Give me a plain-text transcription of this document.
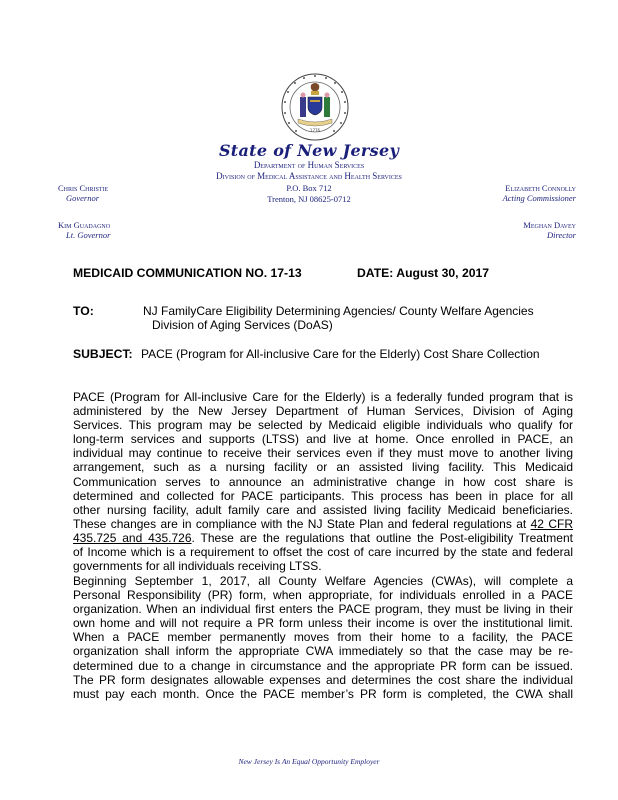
1776
State of New Jersey
Department of Human Services
Division of Medical Assistance and Health Services
P.O. Box 712
Trenton, NJ 08625-0712
Chris Christie
Governor
Elizabeth Connolly
Acting Commissioner
Kim Guadagno
Lt. Governor
Meghan Davey
Director
MEDICAID COMMUNICATION NO. 17-13	DATE: August 30, 2017
TO:	NJ FamilyCare Eligibility Determining Agencies/ County Welfare Agencies
Division of Aging Services (DoAS)
SUBJECT: PACE (Program for All-inclusive Care for the Elderly) Cost Share Collection
PACE (Program for All-inclusive Care for the Elderly) is a federally funded program that is
administered by the New Jersey Department of Human Services, Division of Aging
Services. This program may be selected by Medicaid eligible individuals who qualify for
long-term services and supports (LTSS) and live at home. Once enrolled in PACE, an
individual may continue to receive their services even if they must move to another living
arrangement, such as a nursing facility or an assisted living facility. This Medicaid
Communication serves to announce an administrative change in how cost share is
determined and collected for PACE participants. This process has been in place for all
other nursing facility, adult family care and assisted living facility Medicaid beneficiaries.
These changes are in compliance with the NJ State Plan and federal regulations at 42 CFR
435.725 and 435.726. These are the regulations that outline the Post-eligibility Treatment
of Income which is a requirement to offset the cost of care incurred by the state and federal
governments for all individuals receiving LTSS.
Beginning September 1, 2017, all County Welfare Agencies (CWAs), will complete a
Personal Responsibility (PR) form, when appropriate, for individuals enrolled in a PACE
organization. When an individual first enters the PACE program, they must be living in their
own home and will not require a PR form unless their income is over the institutional limit.
When a PACE member permanently moves from their home to a facility, the PACE
organization shall inform the appropriate CWA immediately so that the case may be re-
determined due to a change in circumstance and the appropriate PR form can be issued.
The PR form designates allowable expenses and determines the cost share the individual
must pay each month. Once the PACE member’s PR form is completed, the CWA shall
New Jersey Is An Equal Opportunity Employer
